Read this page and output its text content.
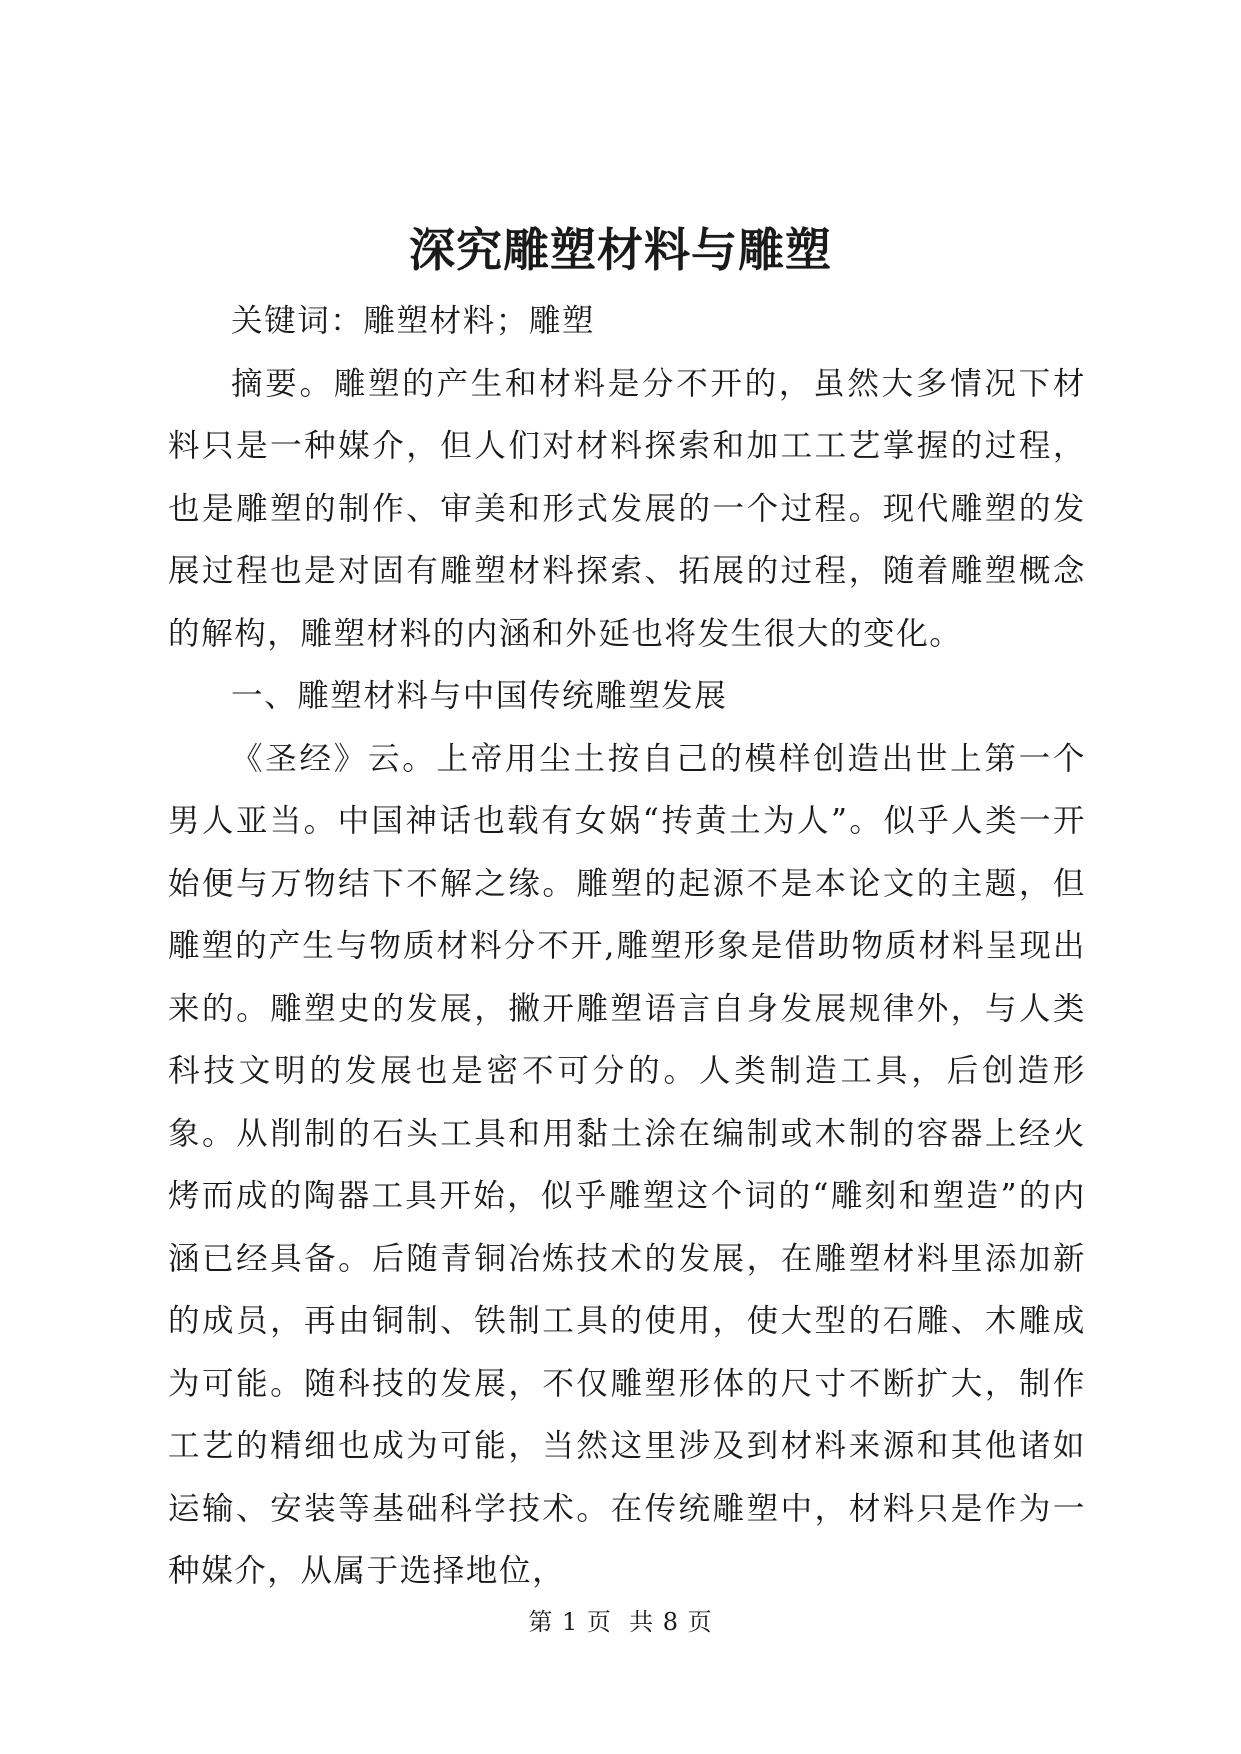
深究雕塑材料与雕塑

关键词：雕塑材料；雕塑

摘要。雕塑的产生和材料是分不开的，虽然大多情况下材料只是一种媒介，但人们对材料探索和加工工艺掌握的过程，也是雕塑的制作、审美和形式发展的一个过程。现代雕塑的发展过程也是对固有雕塑材料探索、拓展的过程，随着雕塑概念的解构，雕塑材料的内涵和外延也将发生很大的变化。

一、雕塑材料与中国传统雕塑发展

《圣经》云。上帝用尘土按自己的模样创造出世上第一个男人亚当。中国神话也载有女娲“抟黄土为人”。似乎人类一开始便与万物结下不解之缘。雕塑的起源不是本论文的主题，但雕塑的产生与物质材料分不开,雕塑形象是借助物质材料呈现出来的。雕塑史的发展，撇开雕塑语言自身发展规律外，与人类科技文明的发展也是密不可分的。人类制造工具，后创造形象。从削制的石头工具和用黏土涂在编制或木制的容器上经火烤而成的陶器工具开始，似乎雕塑这个词的“雕刻和塑造”的内涵已经具备。后随青铜冶炼技术的发展，在雕塑材料里添加新的成员，再由铜制、铁制工具的使用，使大型的石雕、木雕成为可能。随科技的发展，不仅雕塑形体的尺寸不断扩大，制作工艺的精细也成为可能，当然这里涉及到材料来源和其他诸如运输、安装等基础科学技术。在传统雕塑中，材料只是作为一种媒介，从属于选择地位，

第 1 页  共 8 页
